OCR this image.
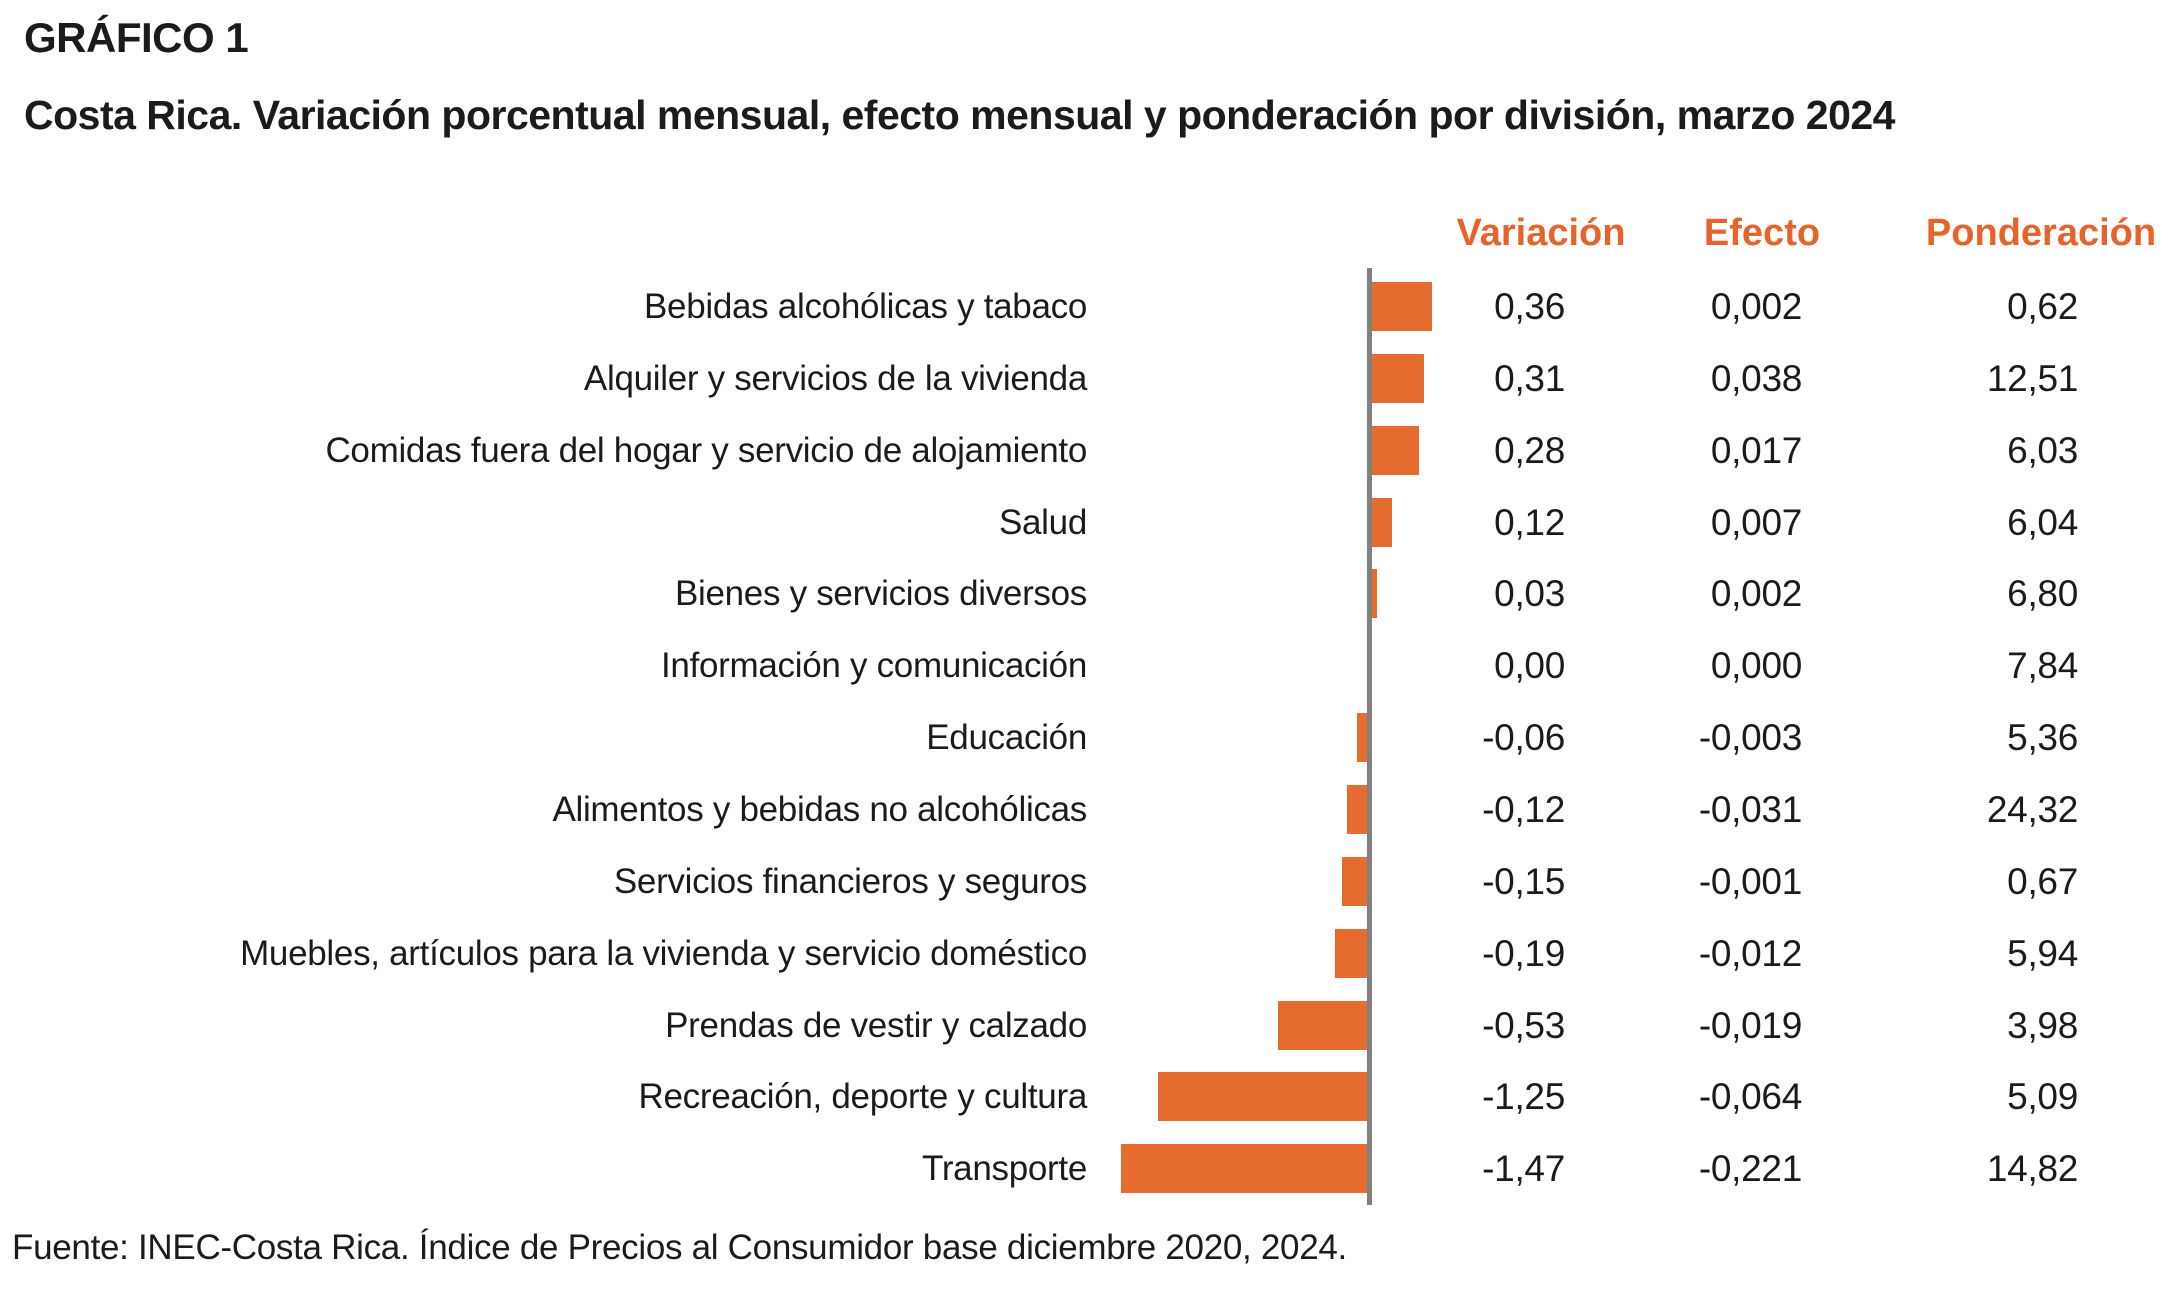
GRÁFICO 1
Costa Rica. Variación porcentual mensual, efecto mensual y ponderación por división, marzo 2024
Variación	Efecto	Ponderación
Bebidas alcohólicas y tabaco	0,36	0,002	0,62
Alquiler y servicios de la vivienda	0,31	0,038	12,51
Comidas fuera del hogar y servicio de alojamiento	0,28	0,017	6,03
Salud	0,12	0,007	6,04
Bienes y servicios diversos	0,03	0,002	6,80
Información y comunicación	0,00	0,000	7,84
Educación	-0,06	-0,003	5,36
Alimentos y bebidas no alcohólicas	-0,12	-0,031	24,32
Servicios financieros y seguros	-0,15	-0,001	0,67
Muebles, artículos para la vivienda y servicio doméstico	-0,19	-0,012	5,94
Prendas de vestir y calzado	-0,53	-0,019	3,98
Recreación, deporte y cultura	-1,25	-0,064	5,09
Transporte	-1,47	-0,221	14,82
Fuente: INEC-Costa Rica. Índice de Precios al Consumidor base diciembre 2020, 2024.
